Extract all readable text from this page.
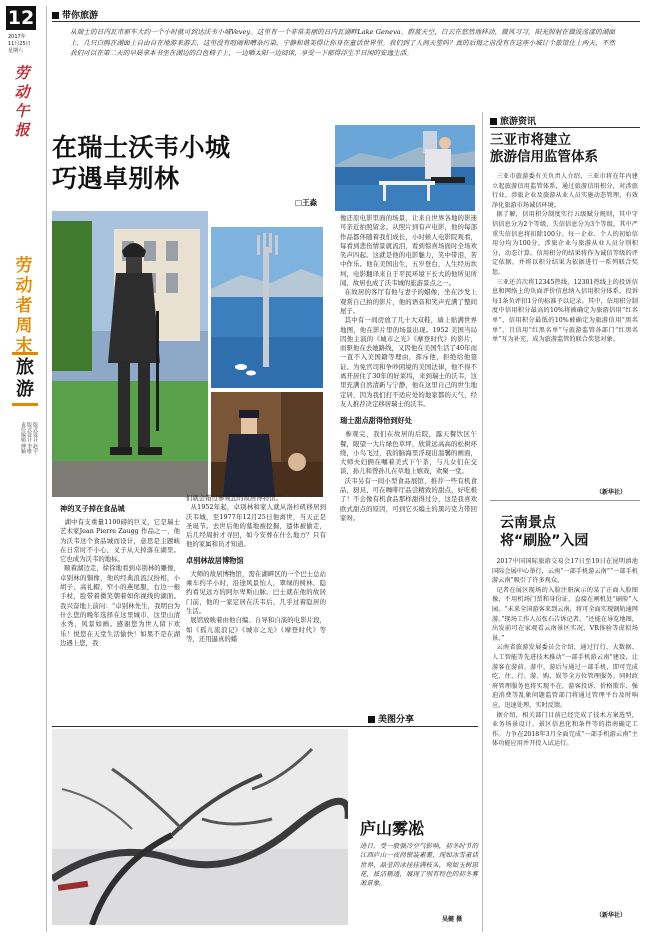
12
2017年
11月25日
星期六
劳动午报
劳动者周末
旅游
版式设计 赵宇
版式设计 李维
责任编辑 傅颖
带你旅游
从瑞士的日内瓦市驱车大约一个小时就可到达沃韦小城Vevey。这里有一个非常美丽的日内瓦湖畔Lake Geneva。蔚蓝天空，白云在悠然地移动，微风习习，阳光照射在微波荡漾的湖面上，几只白鸥在湖面上自由自在地游来游去，这里没有喧闹和嘈杂污染，宁静和谐美得让你身在童话世界里。我们到了人间天堂吗？真的后悔之前没有在这座小城订个旅馆住上两天，不然我们可以在第二天的早晨拿本书坐在湖边的白色椅子上，一边晒太阳一边阅读，享受一下郁得浮生半日闲的安逸生活。
在瑞士沃韦小城
巧遇卓别林
□王淼
神的叉子掉在食品城
湖中有支重量1100磅的巨叉，它是瑞士艺术家Jean Pierre Zaugg 作品之一，他为沃韦这个食品城而设计，意思是主题峡在日常时不小心，叉子从天掉落在湖里。它也成为沃韦的地标。
顺着湖边走，徐徐地看到卓别林的雕像，卓别林的铜像，他的经典浪流汉扮相，小胡子、高礼帽、窄小的燕尾服，右边一根手杖，脸带着微笑朝着如你视线的湖面。我兴奋地上前问：“卓别林先生，我明白为什么您的晚年选择在这里城市，这里山清水秀，风景如画。感谢您为世人留下欢乐！悦您在天堂生活愉快！如果不是在湖边遇上您，我
们就会错过参观您的故居博物馆。”
从1952年起，卓别林和家人就从洛杉矶移居到沃韦城，至1977年12月25日他离世，当天正是圣诞节。去世后他的墓地被挖掘，遗体被偷走，后几经周折才寻回，如今安葬在什么地方？只有他的家属和员才知道。
卓别林故居博物馆
大师的故居博物馆，需在湖畔区的一个巴士总站乘车约半小时，沿途风景怡人，翠绿的树林，隐约看见远方的阿尔卑斯山脉。巴士就在他的故居门前，他的一家定居在沃韦后，几乎过着隐居的生活。
展馆放映着由他自编、自导和自演的电影片段，如《孤儿流浪记》《城市之光》《摩登时代》等等，还用逼真的蜡
像还原电影里面的场景，让来自世界各地的影迷可亲近拍照留念。从照片到有声电影，他的每部作品都伴随着我们成长，小时候人电影院观看，每看到悲伤情景就流泪，看到惊喜场面时全场欢笑声四起。这就是他的电影魅力，笑中带泪，苦中作乐。他在美国出生，五岁登台，人生经历坎坷，电影翻译来自于平民环境下长大的他所见所闻，故居也成了沃韦城的旅游景点之一。
在故居的客厅有他与妻子的蜡像，坐在沙发上观赏自己拍的影片，他的语音和笑声充满了整间屋子。
其中有一间房放了几十大双鞋，墙上贴满世界地图，他在影片里的场景出现。1952 美国当局因他主演的《城市之光》《摩登时代》的影片，而驱他在去她路线，又因他在美国生活了40年而一直不入美国籍等理由，挥斥他，拒绝给他签证。为免官司和争吵困境的美国法律，他不得不离开居住了30年的好莱坞，来到瑞士的沃韦，这里充满自然清新与宁静，他在这里自己的世生地定居，因为我们打不适应处的地家都的天气，经友人推荐决定移居瑞士的沃韦。
瑞士甜点甜得恰到好处
参观完，我们在故居的后院，露天餐饮区午餐，眼望一大片绿色草坪，欣赏远高高的松树环绕，小鸟飞过，我的脑海里浮现出温馨的画面，大师夫妇俩在嘱着美式下午茶，与儿女们在交谈，孙儿和曾孙儿在草地上嬉戏，欢聚一堂。
沃韦另有一间小型食品展馆，推荐一些有机食品，厨具、可在咖啡厅品尝精致的甜点，好吃极了！不会像有机食品那样甜得过分，这是我喜欢欧式甜点的原因，可到它买编土的黑巧克力带回家呀。
美图分享
庐山雾凇
进日，受一股强冷空气影响，初冬时节的江西庐山一夜间银装素裹，现如冰雪童话世界，晶莹的冰挂挂满枝头，宛如玉树琼花，炫洁剔透，展现了别有特色的初冬雾凇景象。
吴健 摄
旅游资讯
三亚市将建立
旅游信用监管体系
三亚市旅游委有关负责人介绍，三亚市将在年内建立起旅游信用监管体系，通过旅游信用积分，对涉旅行业、涉旅企业及旅游从业人员实施动态管理，有效净化旅游市场诚信环境。
据了解，信用积分制度实行五级赋分规则，其中守信信息分为2个等级，失信信息分为3个等级，其中严重失信信息将扣除100分。每一企业、个人的初始信用分均为100分，涉旅企业与旅游从业人员分别积分，动态计算。信用积分的结果将作为诚信等级的评定依据，并将以积分结果为依据进行一系列联合奖惩。
三亚还首次将12345热线、12301热线上的投诉信息和网络上的负面评价信息纳入信用积分体系，投诉每1条负评扣1分的标准予以记录。其中，信用积分制度中信用积分最高的10%将被确定为旅游信用“红名单”，信用积分最低的10%被确定为旅游信用“黑名单”，且信用“红黑名单”与旅游监管各部门“红黑名单”互为补充，成为旅游监管的联合奖惩对象。
（新华社）
云南景点
将“刷脸”入园
2017中国国际旅游交易会17日至19日在昆明滇池国际会展中心举行，云南“一部手机游云南”“一部手机游云南”吸引了许多观众。
记者在展区现场的入脸注册演示的某了正面入脸图像，不用机场门票和身份证，直接在闸机处“刷脸”入园。“未来全国游客来到云南，将可全面实现钢轨通网游。”现场工作人员张石告诉记者，“还能在导览地图，出发前可在家观看云南景区实况，VR体验等虚拟场景。”
云南省旅游发展委员会介绍，通过行行、大数据、人工智能等先进技术推动“一部手机游云南”建设，让游客在游前、游中、游后与通过一部手机，即可完成吃、住、行、游、购、娱等全方位管理服务。同时政府管理服务也将实现不在，游客投诉、价格欺诈、强迫消费等乱象问题监管部门将通过管理平台及时响应，迅速处理，实时反馈。
据介绍，相关部门目前已经完成了技术方案选型，业务场景设计，景区信息化和条件等的指南确定工作。力争在2018年3月全面完成“一部手机游云南”主体功能应用并开投入试运行。
（新华社）
